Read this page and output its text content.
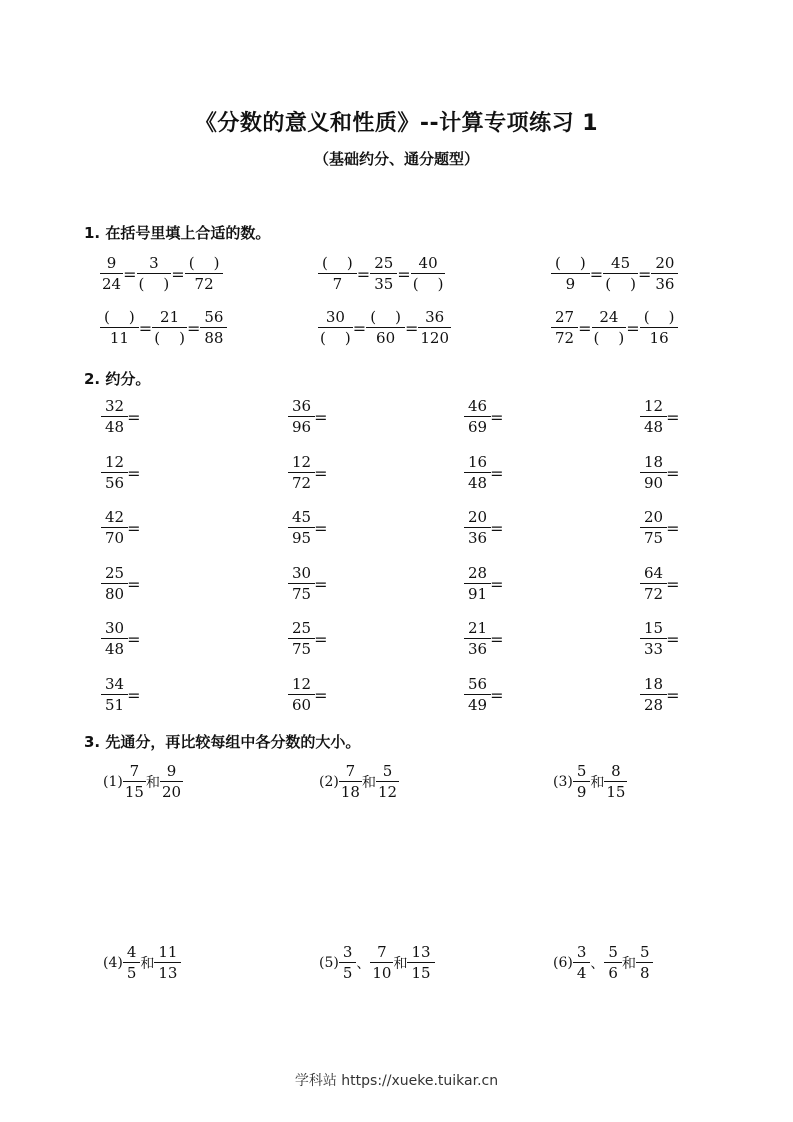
《分数的意义和性质》--计算专项练习 1
（基础约分、通分题型）
1. 在括号里填上合适的数。
$\frac{9}{24} = \frac{3}{( )} = \frac{( )}{72}$	$\frac{( )}{7} = \frac{25}{35} = \frac{40}{( )}$	$\frac{( )}{9} = \frac{45}{( )} = \frac{20}{36}$
$\frac{( )}{11} = \frac{21}{( )} = \frac{56}{88}$	$\frac{30}{( )} = \frac{( )}{60} = \frac{36}{120}$	$\frac{27}{72} = \frac{24}{( )} = \frac{( )}{16}$
2. 约分。
$\frac{32}{48}$ =	$\frac{36}{96}$ =	$\frac{46}{69}$ =	$\frac{12}{48}$ =
$\frac{12}{56}$ =	$\frac{12}{72}$ =	$\frac{16}{48}$ =	$\frac{18}{90}$ =
$\frac{42}{70}$ =	$\frac{45}{95}$ =	$\frac{20}{36}$ =	$\frac{20}{75}$ =
$\frac{25}{80}$ =	$\frac{30}{75}$ =	$\frac{28}{91}$ =	$\frac{64}{72}$ =
$\frac{30}{48}$ =	$\frac{25}{75}$ =	$\frac{21}{36}$ =	$\frac{15}{33}$ =
$\frac{34}{51}$ =	$\frac{12}{60}$ =	$\frac{56}{49}$ =	$\frac{18}{28}$ =
3. 先通分，再比较每组中各分数的大小。
$(1) \frac{7}{15}$ 和 $\frac{9}{20}$	$(2) \frac{7}{18}$ 和 $\frac{5}{12}$	$(3) \frac{5}{9}$ 和 $\frac{8}{15}$
$(4) \frac{4}{5}$ 和 $\frac{11}{13}$	$(5) \frac{3}{5}$ 、 $\frac{7}{10}$ 和 $\frac{13}{15}$	$(6) \frac{3}{4}$ 、 $\frac{5}{6}$ 和 $\frac{5}{8}$
学科站 https://xueke.tuikar.cn
